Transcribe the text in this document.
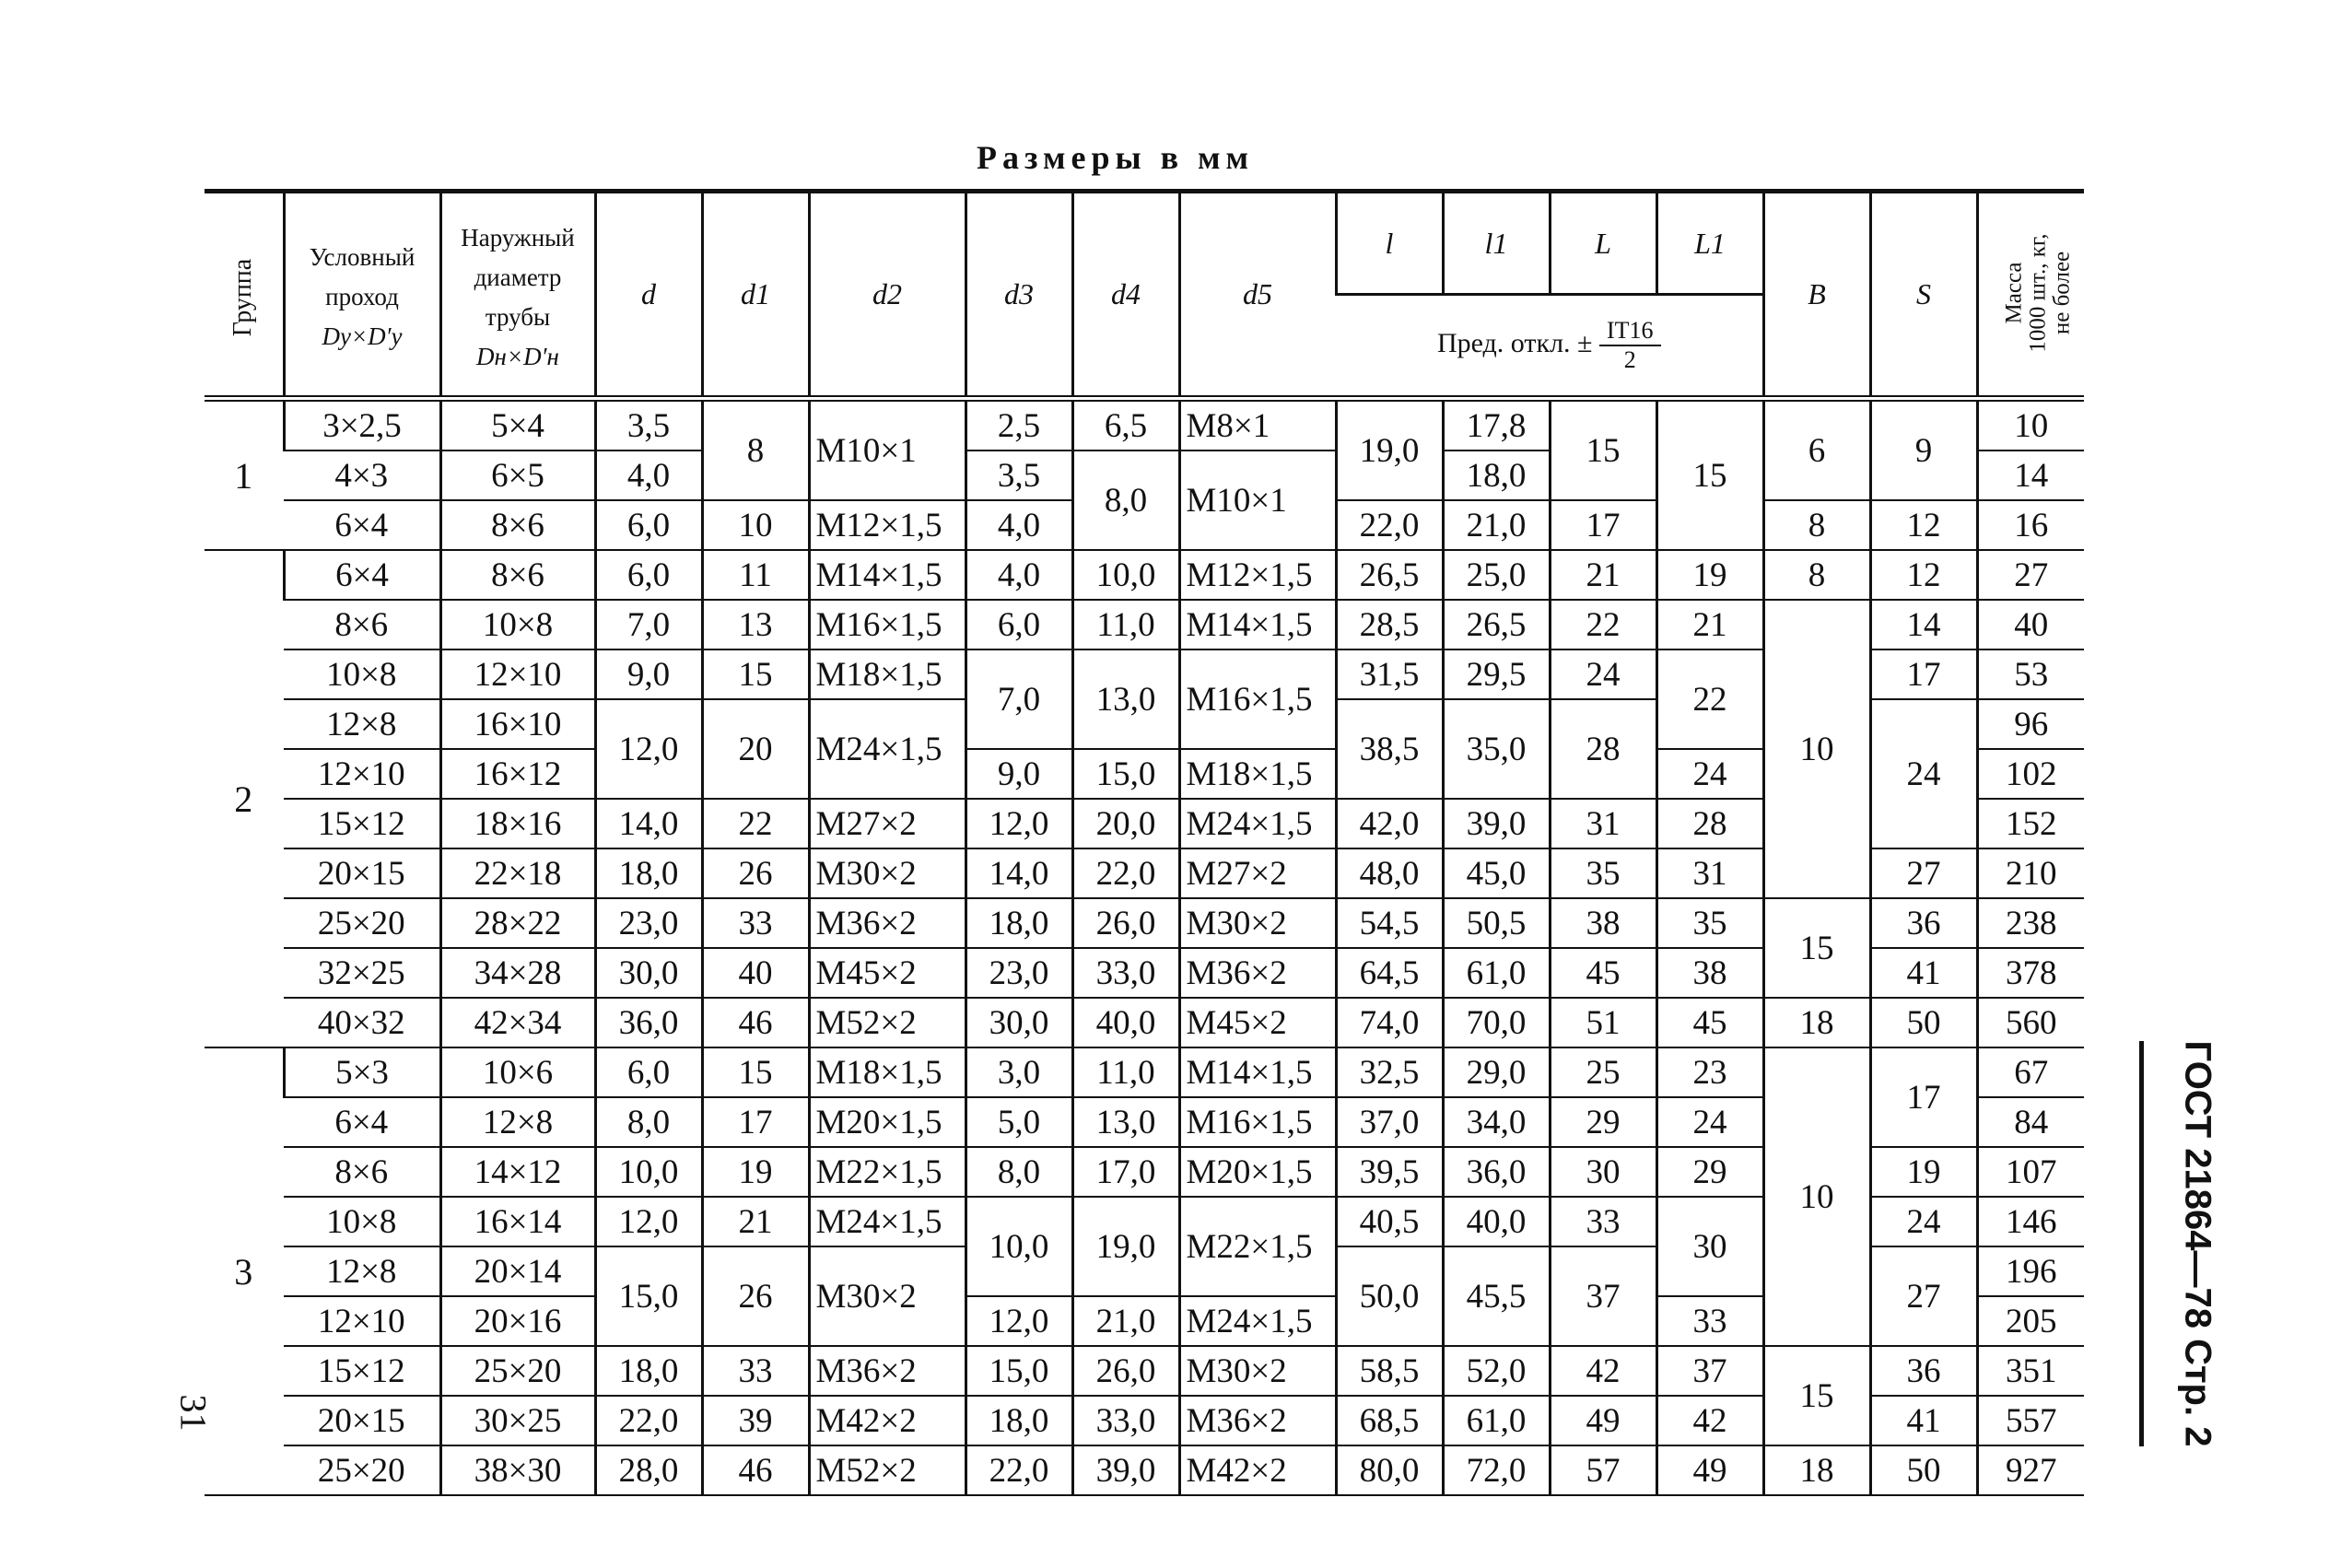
Размеры в мм
Группа	Условный
проход
Dy×D′y	Наружный
диаметр
трубы
Dн×D′н	d	d1	d2	d3	d4	d5	l	l1	L	L1	B	S	Масса
1000 шт., кг,
не более
									Пред. откл. ± $\frac{IT16}{2}$

1	3×2,5	5×4	3,5	8	M10×1	2,5	6,5	M8×1	19,0	17,8	15	15	6	9	10
	4×3	6×5	4,0			3,5	8,0	M10×1		18,0					14
	6×4	8×6	6,0	10	M12×1,5	4,0			22,0	21,0	17		8	12	16
2	6×4	8×6	6,0	11	M14×1,5	4,0	10,0	M12×1,5	26,5	25,0	21	19	8	12	27
	8×6	10×8	7,0	13	M16×1,5	6,0	11,0	M14×1,5	28,5	26,5	22	21	10	14	40
	10×8	12×10	9,0	15	M18×1,5	7,0	13,0	M16×1,5	31,5	29,5	24	22		17	53
	12×8	16×10	12,0	20	M24×1,5				38,5	35,0	28			24	96
	12×10	16×12				9,0	15,0	M18×1,5				24			102
	15×12	18×16	14,0	22	M27×2	12,0	20,0	M24×1,5	42,0	39,0	31	28			152
	20×15	22×18	18,0	26	M30×2	14,0	22,0	M27×2	48,0	45,0	35	31		27	210
	25×20	28×22	23,0	33	M36×2	18,0	26,0	M30×2	54,5	50,5	38	35	15	36	238
	32×25	34×28	30,0	40	M45×2	23,0	33,0	M36×2	64,5	61,0	45	38		41	378
	40×32	42×34	36,0	46	M52×2	30,0	40,0	M45×2	74,0	70,0	51	45	18	50	560
3	5×3	10×6	6,0	15	M18×1,5	3,0	11,0	M14×1,5	32,5	29,0	25	23	10	17	67
	6×4	12×8	8,0	17	M20×1,5	5,0	13,0	M16×1,5	37,0	34,0	29	24			84
	8×6	14×12	10,0	19	M22×1,5	8,0	17,0	M20×1,5	39,5	36,0	30	29		19	107
	10×8	16×14	12,0	21	M24×1,5	10,0	19,0	M22×1,5	40,5	40,0	33	30		24	146
	12×8	20×14	15,0	26	M30×2				50,0	45,5	37			27	196
	12×10	20×16				12,0	21,0	M24×1,5				33			205
	15×12	25×20	18,0	33	M36×2	15,0	26,0	M30×2	58,5	52,0	42	37	15	36	351
	20×15	30×25	22,0	39	M42×2	18,0	33,0	M36×2	68,5	61,0	49	42		41	557
	25×20	38×30	28,0	46	M52×2	22,0	39,0	M42×2	80,0	72,0	57	49	18	50	927
ГОСТ 21864—78 Стр. 2
31
